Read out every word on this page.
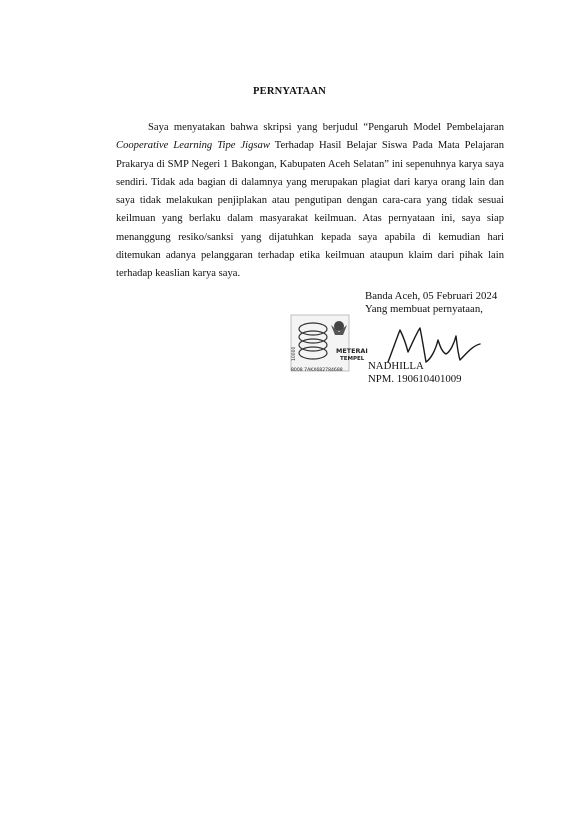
PERNYATAAN

Saya menyatakan bahwa skripsi yang berjudul “Pengaruh Model Pembelajaran Cooperative Learning Tipe Jigsaw Terhadap Hasil Belajar Siswa Pada Mata Pelajaran Prakarya di SMP Negeri 1 Bakongan, Kabupaten Aceh Selatan” ini sepenuhnya karya saya sendiri. Tidak ada bagian di dalamnya yang merupakan plagiat dari karya orang lain dan saya tidak melakukan penjiplakan atau pengutipan dengan cara-cara yang tidak sesuai keilmuan yang berlaku dalam masyarakat keilmuan. Atas pernyataan ini, saya siap menanggung resiko/sanksi yang dijatuhkan kepada saya apabila di kemudian hari ditemukan adanya pelanggaran terhadap etika keilmuan ataupun klaim dari pihak lain terhadap keaslian karya saya.

Banda Aceh, 05 Februari 2024
Yang membuat pernyataan,
10000	METERAI
TEMPEL
8008 7AKX682784688 NADHILLA
NPM. 190610401009
